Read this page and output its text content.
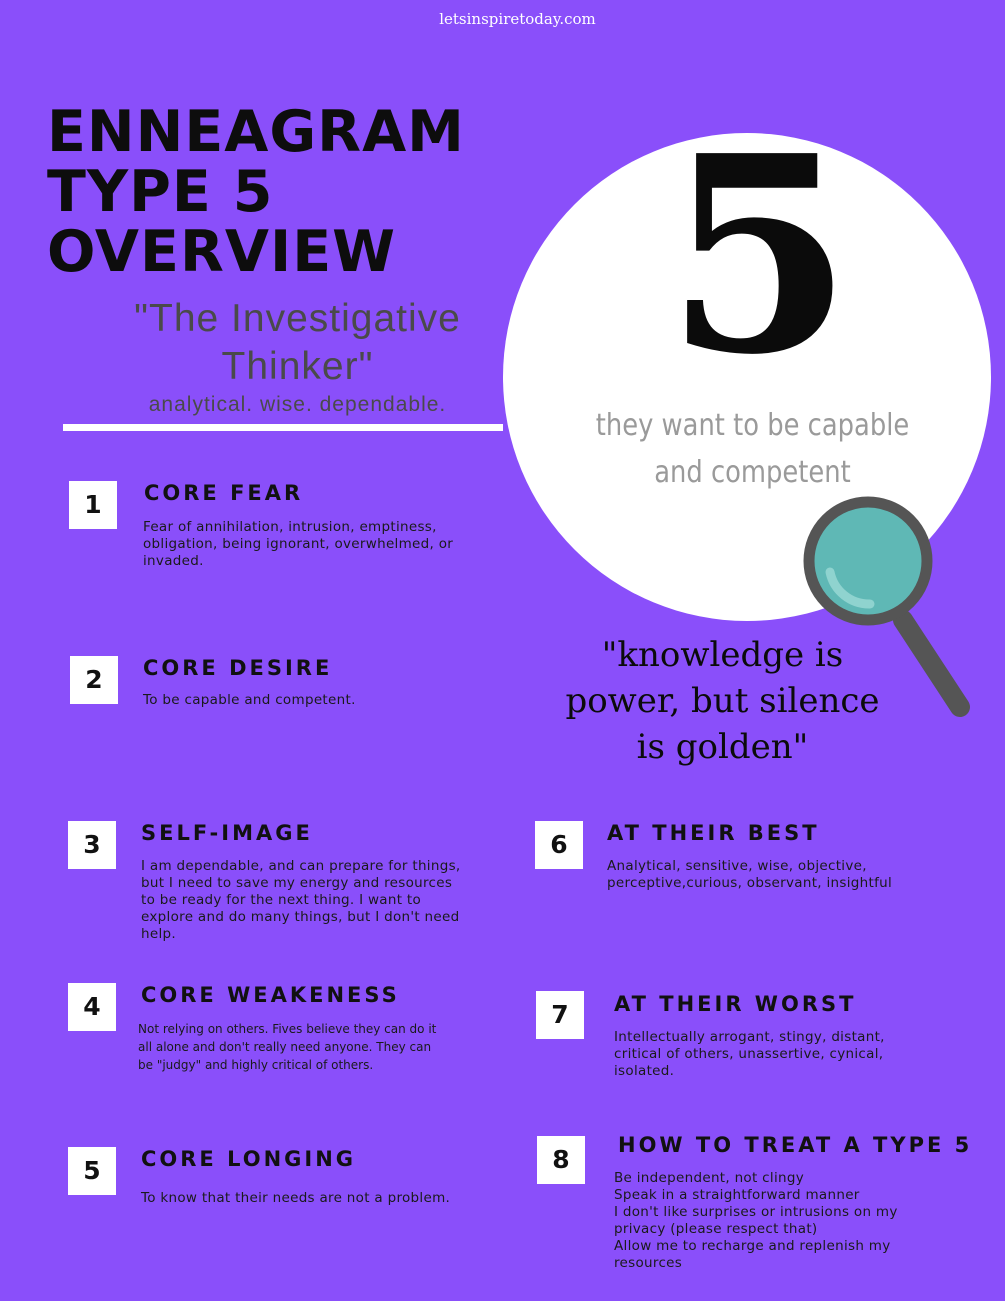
letsinspiretoday.com
ENNEAGRAM
TYPE 5
OVERVIEW
"The Investigative
Thinker"
analytical. wise. dependable. 5
they want to be capable
and competent
"knowledge is power, but silence is golden"
1	CORE FEAR
Fear of annihilation, intrusion, emptiness, obligation, being ignorant, overwhelmed, or invaded.
2	CORE DESIRE
To be capable and competent.
3	SELF-IMAGE
I am dependable, and can prepare for things, but I need to save my energy and resources to be ready for the next thing. I want to explore and do many things, but I don't need help.
4	CORE WEAKENESS
Not relying on others. Fives believe they can do it all alone and don't really need anyone. They can be "judgy" and highly critical of others.
5	CORE LONGING
To know that their needs are not a problem.
6	AT THEIR BEST
Analytical, sensitive, wise, objective, perceptive,curious, observant, insightful
7	AT THEIR WORST
Intellectually arrogant, stingy, distant, critical of others, unassertive, cynical, isolated.
8	HOW TO TREAT A TYPE 5
Be independent, not clingy
Speak in a straightforward manner
I don't like surprises or intrusions on my privacy (please respect that)
Allow me to recharge and replenish my resources
